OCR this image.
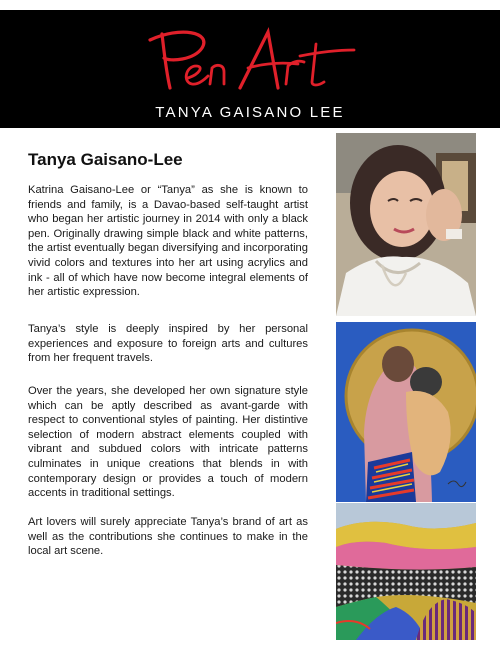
TANYA GAISANO LEE
Tanya Gaisano-Lee

Katrina Gaisano-Lee or “Tanya” as she is known to friends and family, is a Davao-based self-taught artist who began her artistic journey in 2014 with only a black pen. Originally drawing simple black and white patterns, the artist eventually began diversifying and incorporating vivid colors and textures into her art using acrylics and ink - all of which have now become integral elements of her artistic expression.

Tanya’s style is deeply inspired by her personal experiences and exposure to foreign arts and cultures from her frequent travels.

Over the years, she developed her own signature style which can be aptly described as avant-garde with respect to conventional styles of painting. Her distintive selection of modern abstract elements coupled with vibrant and subdued colors with intricate patterns culminates in unique creations that blends in with contemporary design or provides a touch of modern accents in traditional settings.

Art lovers will surely appreciate Tanya’s brand of art as well as the contributions she continues to make in the local art scene.
